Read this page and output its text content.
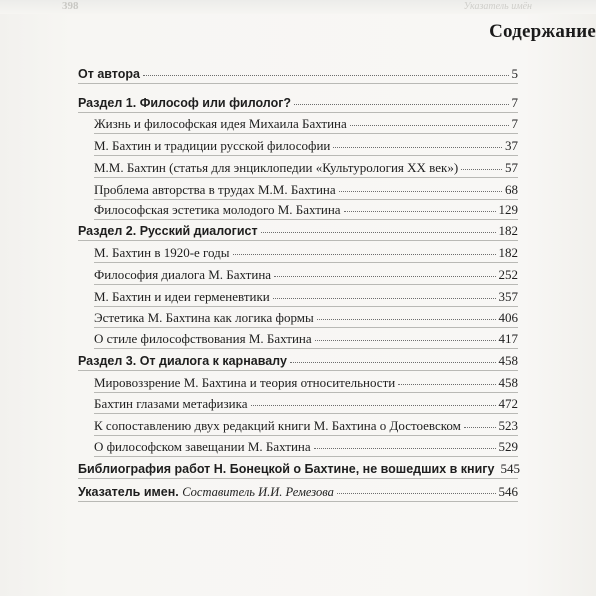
398	Указатель имён
Содержание
От автора	5
Раздел 1. Философ или филолог?	7
Жизнь и философская идея Михаила Бахтина	7
М. Бахтин и традиции русской философии	37
М.М. Бахтин (статья для энциклопедии «Культурология XX век»)	57
Проблема авторства в трудах М.М. Бахтина	68
Философская эстетика молодого М. Бахтина	129
Раздел 2. Русский диалогист	182
М. Бахтин в 1920-е годы	182
Философия диалога М. Бахтина	252
М. Бахтин и идеи герменевтики	357
Эстетика М. Бахтина как логика формы	406
О стиле философствования М. Бахтина	417
Раздел 3. От диалога к карнавалу	458
Мировоззрение М. Бахтина и теория относительности	458
Бахтин глазами метафизика	472
К сопоставлению двух редакций книги М. Бахтина о Достоевском	523
О философском завещании М. Бахтина	529
Библиография работ Н. Бонецкой о Бахтине, не вошедших в книгу 545
Указатель имен. Составитель И.И. Ремезова	546
